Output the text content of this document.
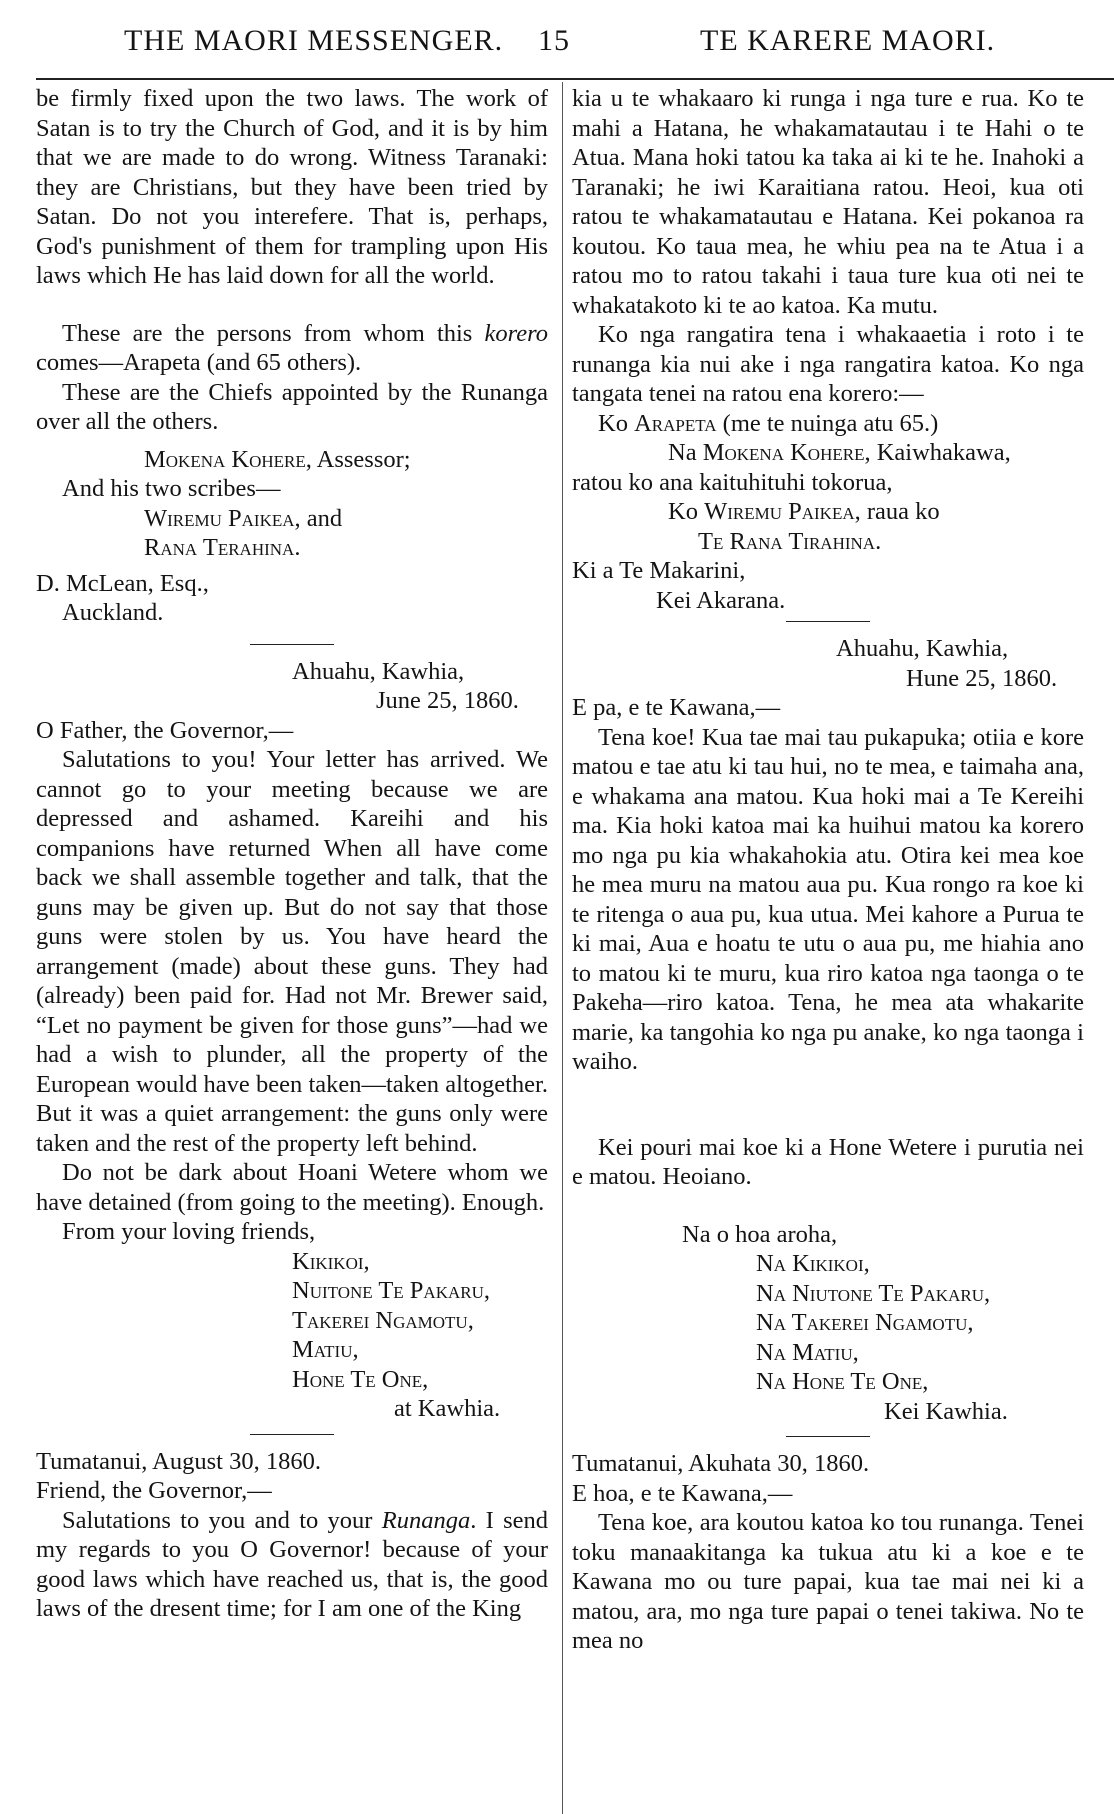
THE MAORI MESSENGER. 15	TE KARERE MAORI.

be firmly fixed upon the two laws. The work of Satan is to try the Church of God, and it is by him that we are made to do wrong. Witness Taranaki: they are Christians, but they have been tried by Satan. Do not you interefere. That is, perhaps, God's punishment of them for trampling upon His laws which He has laid down for all the world.

These are the persons from whom this korero comes—Arapeta (and 65 others).

These are the Chiefs appointed by the Runanga over all the others.

Mokena Kohere, Assessor;

And his two scribes—

Wiremu Paikea, and

Rana Terahina.

D. McLean, Esq.,

Auckland.

Ahuahu, Kawhia,

June 25, 1860.

O Father, the Governor,—

Salutations to you! Your letter has arrived. We cannot go to your meeting because we are depressed and ashamed. Kareihi and his companions have returned When all have come back we shall assemble together and talk, that the guns may be given up. But do not say that those guns were stolen by us. You have heard the arrangement (made) about these guns. They had (already) been paid for. Had not Mr. Brewer said, “Let no payment be given for those guns”—had we had a wish to plunder, all the property of the European would have been taken—taken altogether. But it was a quiet arrangement: the guns only were taken and the rest of the property left behind.

Do not be dark about Hoani Wetere whom we have detained (from going to the meeting). Enough.

From your loving friends,

Kikikoi,

Nuitone Te Pakaru,

Takerei Ngamotu,

Matiu,

Hone Te One,

at Kawhia.

Tumatanui, August 30, 1860.

Friend, the Governor,—

Salutations to you and to your Runanga. I send my regards to you O Governor! because of your good laws which have reached us, that is, the good laws of the dresent time; for I am one of the King

kia u te whakaaro ki runga i nga ture e rua. Ko te mahi a Hatana, he whakamatautau i te Hahi o te Atua. Mana hoki tatou ka taka ai ki te he. Inahoki a Taranaki; he iwi Karaitiana ratou. Heoi, kua oti ratou te whakamatautau e Hatana. Kei pokanoa ra koutou. Ko taua mea, he whiu pea na te Atua i a ratou mo to ratou takahi i taua ture kua oti nei te whakatakoto ki te ao katoa. Ka mutu.

Ko nga rangatira tena i whakaaetia i roto i te runanga kia nui ake i nga rangatira katoa. Ko nga tangata tenei na ratou ena korero:—

Ko Arapeta (me te nuinga atu 65.)

Na Mokena Kohere, Kaiwhakawa,

ratou ko ana kaituhituhi tokorua,

Ko Wiremu Paikea, raua ko

Te Rana Tirahina.

Ki a Te Makarini,

Kei Akarana.

Ahuahu, Kawhia,

Hune 25, 1860.

E pa, e te Kawana,—

Tena koe! Kua tae mai tau pukapuka; otiia e kore matou e tae atu ki tau hui, no te mea, e taimaha ana, e whakama ana matou. Kua hoki mai a Te Kereihi ma. Kia hoki katoa mai ka huihui matou ka korero mo nga pu kia whakahokia atu. Otira kei mea koe he mea muru na matou aua pu. Kua rongo ra koe ki te ritenga o aua pu, kua utua. Mei kahore a Purua te ki mai, Aua e hoatu te utu o aua pu, me hiahia ano to matou ki te muru, kua riro katoa nga taonga o te Pakeha—riro katoa. Tena, he mea ata whakarite marie, ka tangohia ko nga pu anake, ko nga taonga i waiho.

Kei pouri mai koe ki a Hone Wetere i purutia nei e matou. Heoiano.

Na o hoa aroha,

Na Kikikoi,

Na Niutone Te Pakaru,

Na Takerei Ngamotu,

Na Matiu,

Na Hone Te One,

Kei Kawhia.

Tumatanui, Akuhata 30, 1860.

E hoa, e te Kawana,—

Tena koe, ara koutou katoa ko tou runanga. Tenei toku manaakitanga ka tukua atu ki a koe e te Kawana mo ou ture papai, kua tae mai nei ki a matou, ara, mo nga ture papai o tenei takiwa. No te mea no
